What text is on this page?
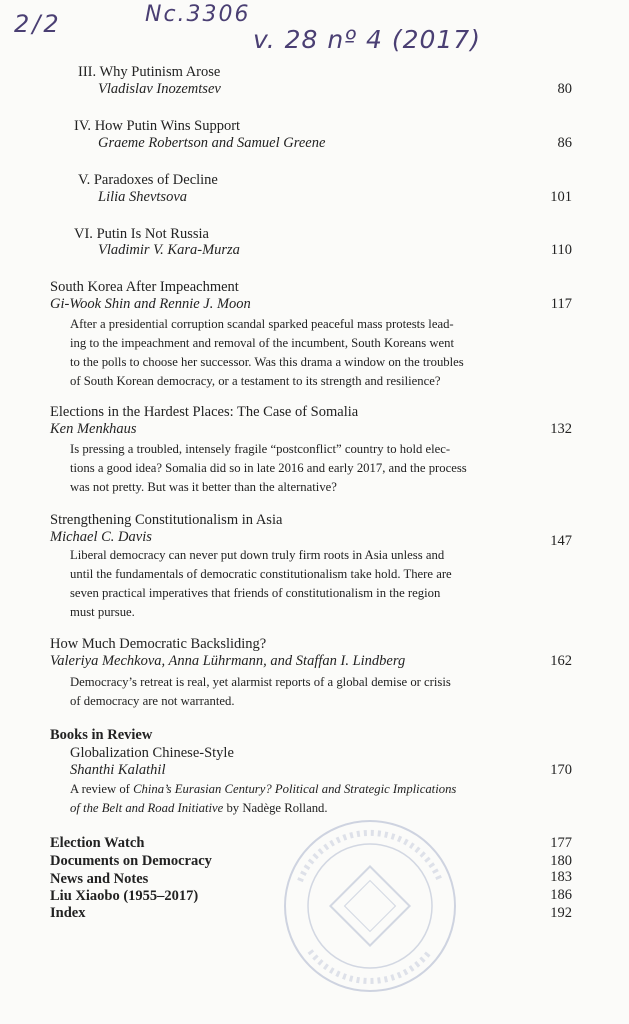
2/2	Nc.3306
v. 28 nº 4 (2017)
III. Why Putinism Arose
Vladislav Inozemtsev	80
IV. How Putin Wins Support
Graeme Robertson and Samuel Greene	86
V. Paradoxes of Decline
Lilia Shevtsova	101
VI. Putin Is Not Russia
Vladimir V. Kara-Murza	110
South Korea After Impeachment
Gi-Wook Shin and Rennie J. Moon	117
After a presidential corruption scandal sparked peaceful mass protests lead-
ing to the impeachment and removal of the incumbent, South Koreans went
to the polls to choose her successor. Was this drama a window on the troubles
of South Korean democracy, or a testament to its strength and resilience?
Elections in the Hardest Places: The Case of Somalia
Ken Menkhaus	132
Is pressing a troubled, intensely fragile “postconflict” country to hold elec-
tions a good idea? Somalia did so in late 2016 and early 2017, and the process
was not pretty. But was it better than the alternative?
Strengthening Constitutionalism in Asia
Michael C. Davis	147
Liberal democracy can never put down truly firm roots in Asia unless and
until the fundamentals of democratic constitutionalism take hold. There are
seven practical imperatives that friends of constitutionalism in the region
must pursue.
How Much Democratic Backsliding?
Valeriya Mechkova, Anna Lührmann, and Staffan I. Lindberg	162
Democracy’s retreat is real, yet alarmist reports of a global demise or crisis
of democracy are not warranted.
Books in Review
Globalization Chinese-Style
Shanthi Kalathil	170
A review of China’s Eurasian Century? Political and Strategic Implications
of the Belt and Road Initiative by Nadège Rolland.
Election Watch	177
Documents on Democracy	180
News and Notes	183
Liu Xiaobo (1955–2017)	186
Index	192
